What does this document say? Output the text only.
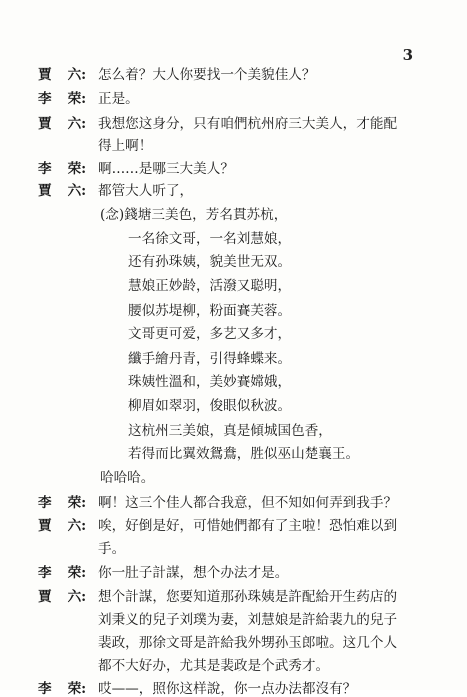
3
賈 六: 怎么着？大人你要找一个美貌佳人？
李 荣: 正是。
賈 六: 我想您这身分，只有咱們杭州府三大美人，才能配
得上啊！
李 荣: 啊……是哪三大美人？
賈 六: 都管大人听了，
(念)錢塘三美色，芳名貫苏杭，
一名徐文哥，一名刘慧娘，
还有孙珠姨，貌美世无双。
慧娘正妙龄，活潑又聪明，
腰似苏堤柳，粉面賽芙蓉。
文哥更可爱，多艺又多才，
纖手繪丹青，引得蜂蝶来。
珠姨性溫和，美妙賽嫦娥，
柳眉如翠羽，俊眼似秋波。
这杭州三美娘，真是傾城国色香，
若得而比翼效鴛鴦，胜似巫山楚襄王。
哈哈哈。
李 荣: 啊！这三个佳人都合我意，但不知如何弄到我手？
賈 六: 唉，好倒是好，可惜她們都有了主啦！恐怕难以到
手。
李 荣: 你一肚子計謀，想个办法才是。
賈 六: 想个計謀，您要知道那孙珠姨是許配給开生药店的
刘秉义的兒子刘璞为妻，刘慧娘是許給裴九的兒子
裴政，那徐文哥是許給我外甥孙玉郎啦。这几个人
都不大好办，尤其是裴政是个武秀才。
李 荣: 哎——，照你这样說，你一点办法都沒有？
